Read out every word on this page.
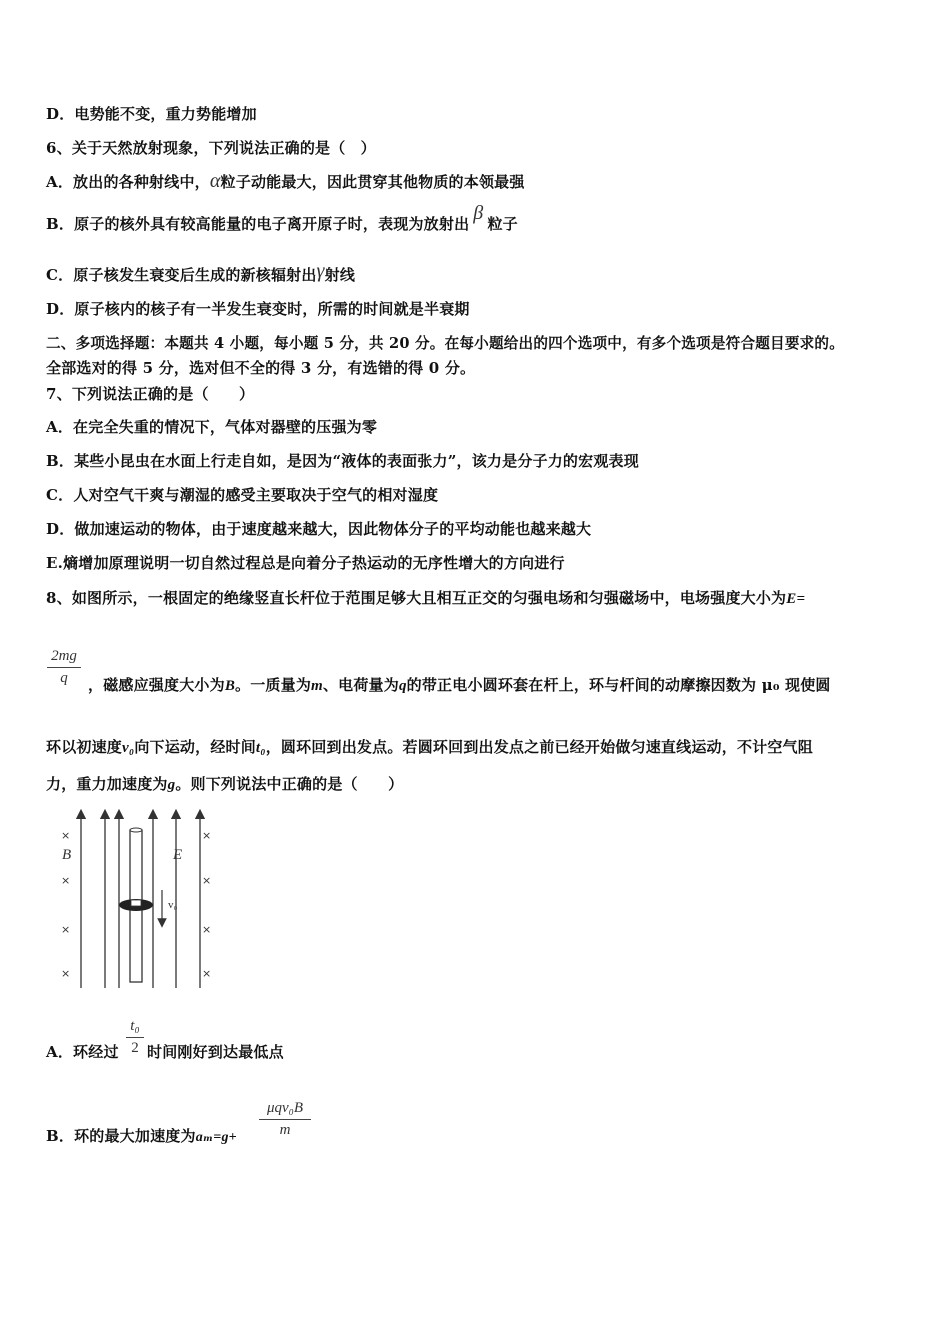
D．电势能不变，重力势能增加
6、关于天然放射现象，下列说法正确的是（　）
A．放出的各种射线中，α粒子动能最大，因此贯穿其他物质的本领最强
B．原子的核外具有较高能量的电子离开原子时，表现为放射出 β 粒子
C．原子核发生衰变后生成的新核辐射出γ射线
D．原子核内的核子有一半发生衰变时，所需的时间就是半衰期
二、多项选择题：本题共 4 小题，每小题 5 分，共 20 分。在每小题给出的四个选项中，有多个选项是符合题目要求的。
全部选对的得 5 分，选对但不全的得 3 分，有选错的得 0 分。
7、下列说法正确的是（　　）
A．在完全失重的情况下，气体对器壁的压强为零
B．某些小昆虫在水面上行走自如，是因为“液体的表面张力”，该力是分子力的宏观表现
C．人对空气干爽与潮湿的感受主要取决于空气的相对湿度
D．做加速运动的物体，由于速度越来越大，因此物体分子的平均动能也越来越大
E.熵增加原理说明一切自然过程总是向着分子热运动的无序性增大的方向进行
8、如图所示，一根固定的绝缘竖直长杆位于范围足够大且相互正交的匀强电场和匀强磁场中，电场强度大小为E=
2mg
q	，磁感应强度大小为B。一质量为m、电荷量为q的带正电小圆环套在杆上，环与杆间的动摩擦因数为 μ₀ 现使圆
环以初速度v₀向下运动，经时间t₀，圆环回到出发点。若圆环回到出发点之前已经开始做匀速直线运动，不计空气阻
力，重力加速度为g。则下列说法中正确的是（　　）
v₀
B	E
×
×
×
×
×
×
×
×
A．环经过
t₀
2 时间刚好到达最低点
B．环的最大加速度为aₘ=g+
μqv₀B
m
